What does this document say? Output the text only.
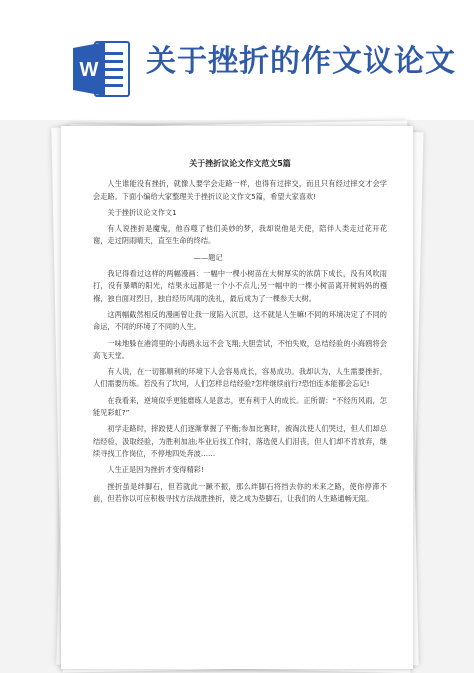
W 关于挫折的作文议论文
关于挫折议论文作文范文5篇

人生谁能没有挫折，就像人要学会走路一样，也得有过摔交，而且只有经过摔交才会学会走路。下面小编给大家整理关于挫折议论文作文5篇，希望大家喜欢!

关于挫折议论文作文1

有人说挫折是魔鬼，他吞噬了他们美妙的梦，我却说他是天使，陪伴人类走过花开花谢，走过阴雨晴天，直至生命的终结。

——题记

我记得看过这样的两幅漫画：一幅中一棵小树苗在大树厚实的浓荫下成长，没有风吹雨打，没有暴晒的阳光，结果永远都是一个小不点儿;另一幅中的一棵小树苗离开树妈妈的襁褓，独自面对烈日，独自经历风雨的洗礼，最后成为了一棵参天大树。

这两幅截然相反的漫画曾让我一度陷入沉思，这不就是人生嘛!不同的环境决定了不同的命运，不同的环境了不同的人生。

一味地躲在港湾里的小海鸥永远不会飞翔;大胆尝试，不怕失败，总结经验的小海鸥将会高飞天堂。

有人说，在一切都顺利的环境下人会容易成长，容易成功。我却认为，人生需要挫折，人们需要历练。若没有了坎坷，人们怎样总结经验?怎样继续前行?恐怕连本能都会忘记!

在我看来，逆境似乎更能磨练人是意志，更有利于人的成长。正所谓：“不经历风雨，怎能见彩虹?”

初学走路时，摔跤使人们逐渐掌握了平衡;参加比赛时，被淘汰使人们哭过，但人们却总结经验，汲取经验，为胜利加油;毕业后找工作时，落选使人们泪丧，但人们却不肯放弃，继续寻找工作岗位，不停地四处奔波……

人生正是因为挫折才变得精彩!

挫折虽是绊脚石，但若就此一蹶不振，那么绊脚石将挡去你的未来之路，使你停滞不前，但若你以可应积极寻找方法战胜挫折，使之成为垫脚石，让我们的人生路通畅无阻。
